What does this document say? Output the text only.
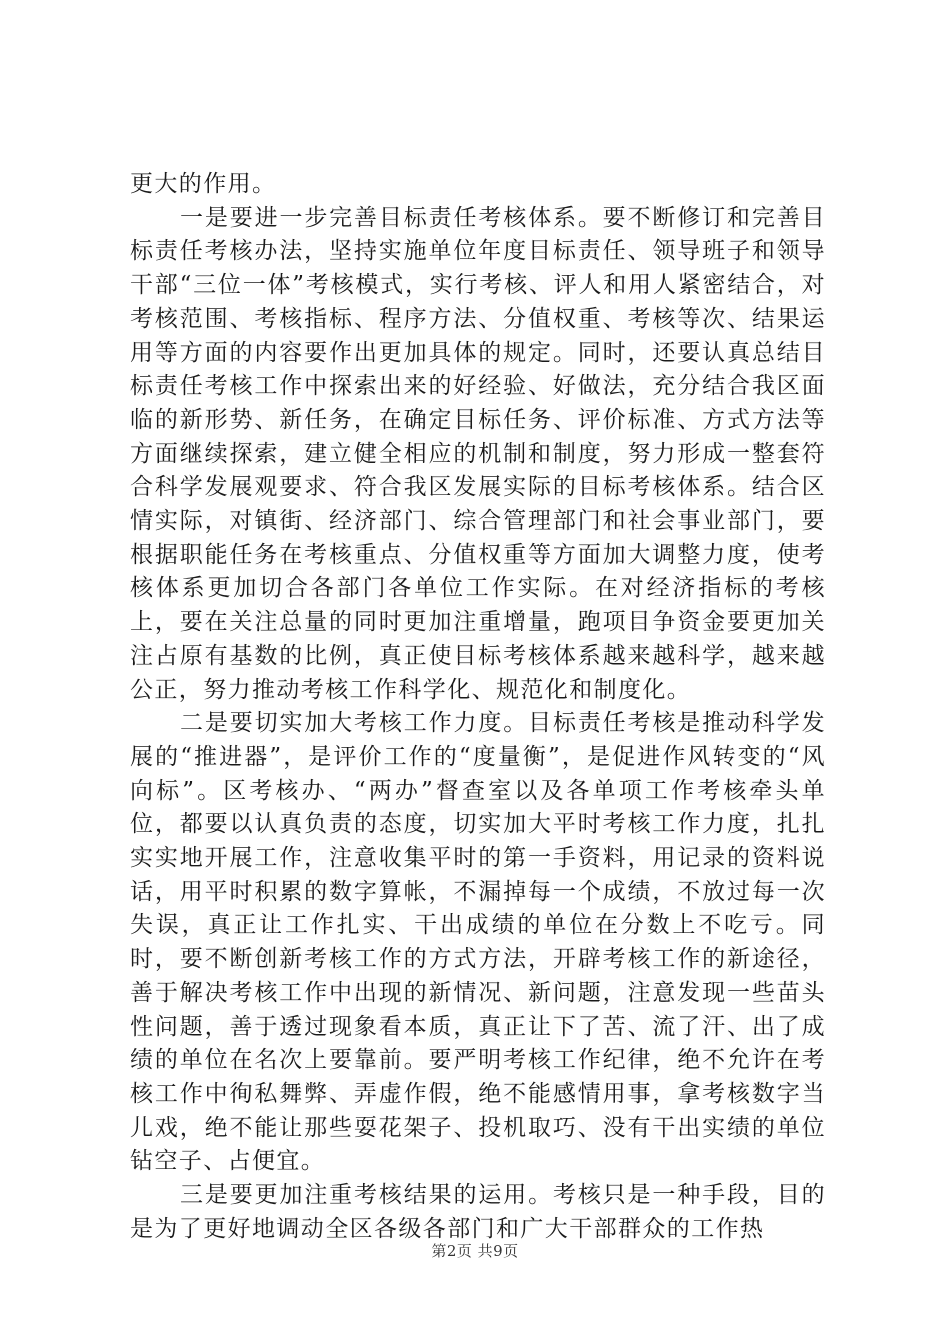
更大的作用。

一是要进一步完善目标责任考核体系。要不断修订和完善目标责任考核办法，坚持实施单位年度目标责任、领导班子和领导干部“三位一体”考核模式，实行考核、评人和用人紧密结合，对考核范围、考核指标、程序方法、分值权重、考核等次、结果运用等方面的内容要作出更加具体的规定。同时，还要认真总结目标责任考核工作中探索出来的好经验、好做法，充分结合我区面临的新形势、新任务，在确定目标任务、评价标准、方式方法等方面继续探索，建立健全相应的机制和制度，努力形成一整套符合科学发展观要求、符合我区发展实际的目标考核体系。结合区情实际，对镇街、经济部门、综合管理部门和社会事业部门，要根据职能任务在考核重点、分值权重等方面加大调整力度，使考核体系更加切合各部门各单位工作实际。在对经济指标的考核上，要在关注总量的同时更加注重增量，跑项目争资金要更加关注占原有基数的比例，真正使目标考核体系越来越科学，越来越公正，努力推动考核工作科学化、规范化和制度化。

二是要切实加大考核工作力度。目标责任考核是推动科学发展的“推进器”，是评价工作的“度量衡”，是促进作风转变的“风向标”。区考核办、“两办”督查室以及各单项工作考核牵头单位，都要以认真负责的态度，切实加大平时考核工作力度，扎扎实实地开展工作，注意收集平时的第一手资料，用记录的资料说话，用平时积累的数字算帐，不漏掉每一个成绩，不放过每一次失误，真正让工作扎实、干出成绩的单位在分数上不吃亏。同时，要不断创新考核工作的方式方法，开辟考核工作的新途径，善于解决考核工作中出现的新情况、新问题，注意发现一些苗头性问题，善于透过现象看本质，真正让下了苦、流了汗、出了成绩的单位在名次上要靠前。要严明考核工作纪律，绝不允许在考核工作中徇私舞弊、弄虚作假，绝不能感情用事，拿考核数字当儿戏，绝不能让那些耍花架子、投机取巧、没有干出实绩的单位钻空子、占便宜。

三是要更加注重考核结果的运用。考核只是一种手段，目的是为了更好地调动全区各级各部门和广大干部群众的工作热

第2页 共9页
